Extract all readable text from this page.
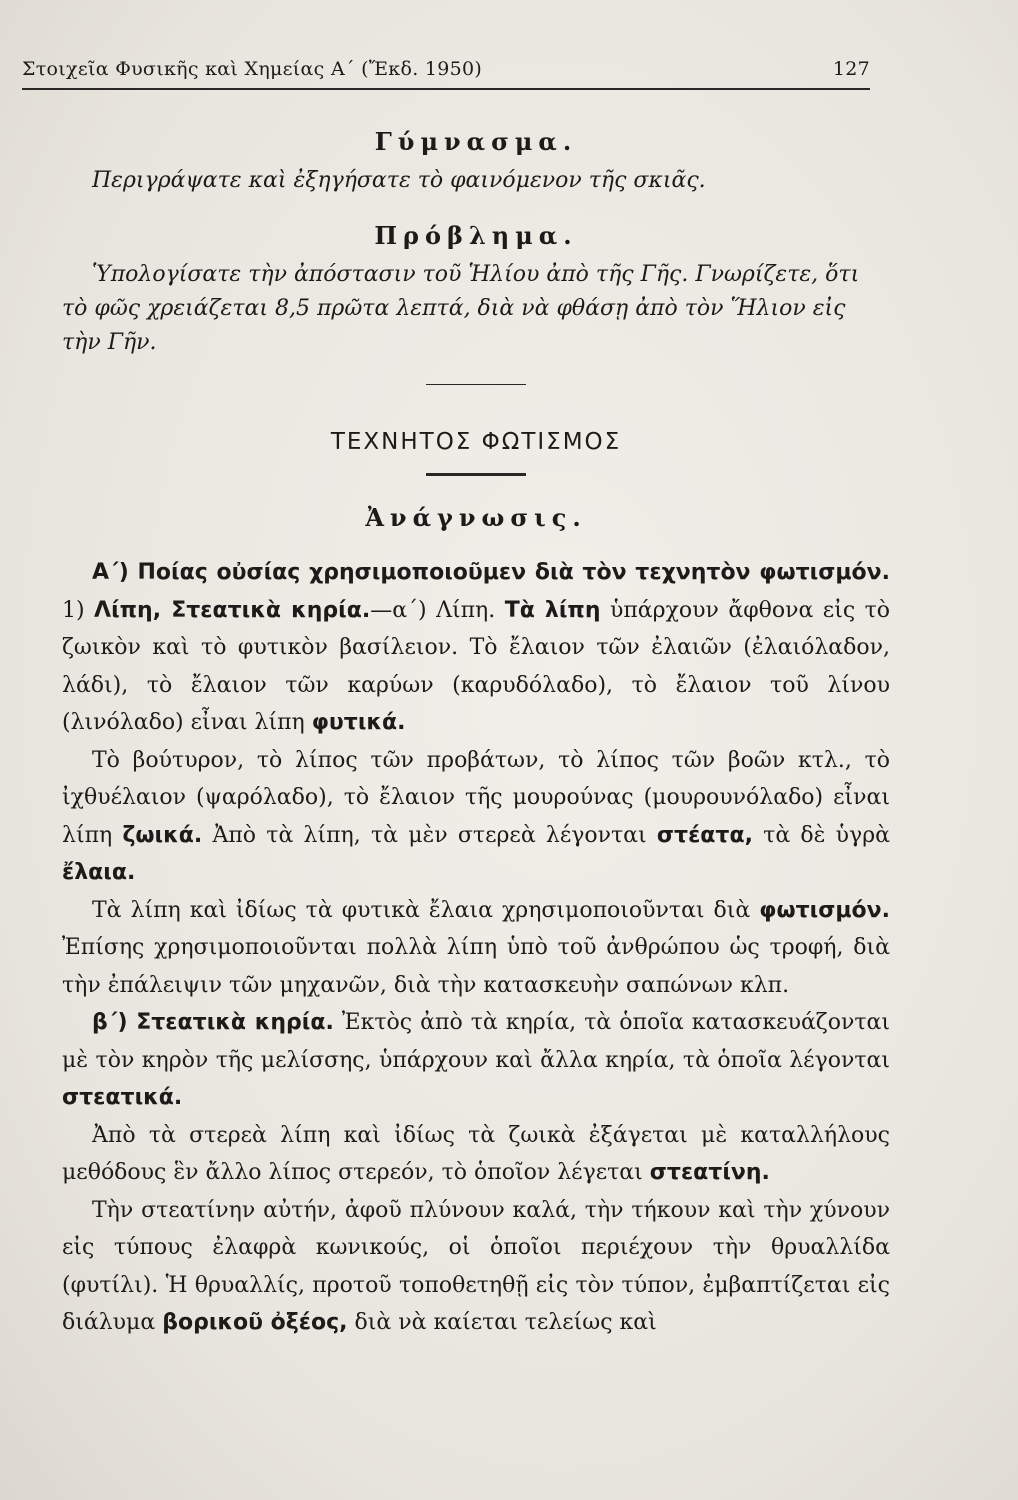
Στοιχεῖα Φυσικῆς καὶ Χημείας Α΄ (Ἔκδ. 1950)	127

Γύμνασμα.

Περιγράψατε καὶ ἐξηγήσατε τὸ φαινόμενον τῆς σκιᾶς.

Πρόβλημα.

Ὑπολογίσατε τὴν ἀπόστασιν τοῦ Ἡλίου ἀπὸ τῆς Γῆς. Γνωρίζετε, ὅτι τὸ φῶς χρειάζεται 8,5 πρῶτα λεπτά, διὰ νὰ φθάσῃ ἀπὸ τὸν Ἥλιον εἰς τὴν Γῆν.

ΤΕΧΝΗΤΟΣ ΦΩΤΙΣΜΟΣ

Ἀνάγνωσις.

Α΄) Ποίας οὐσίας χρησιμοποιοῦμεν διὰ τὸν τεχνητὸν φωτισμόν. 1) Λίπη, Στεατικὰ κηρία.—α΄) Λίπη. Τὰ λίπη ὑπάρχουν ἄφθονα εἰς τὸ ζωικὸν καὶ τὸ φυτικὸν βασίλειον. Τὸ ἔλαιον τῶν ἐλαιῶν (ἐλαιόλαδον, λάδι), τὸ ἔλαιον τῶν καρύων (καρυδόλαδο), τὸ ἔλαιον τοῦ λίνου (λινόλαδο) εἶναι λίπη φυτικά.

Τὸ βούτυρον, τὸ λίπος τῶν προβάτων, τὸ λίπος τῶν βοῶν κτλ., τὸ ἰχθυέλαιον (ψαρόλαδο), τὸ ἔλαιον τῆς μουρούνας (μουρουνόλαδο) εἶναι λίπη ζωικά. Ἀπὸ τὰ λίπη, τὰ μὲν στερεὰ λέγονται στέατα, τὰ δὲ ὑγρὰ ἔλαια.

Τὰ λίπη καὶ ἰδίως τὰ φυτικὰ ἔλαια χρησιμοποιοῦνται διὰ φωτισμόν. Ἐπίσης χρησιμοποιοῦνται πολλὰ λίπη ὑπὸ τοῦ ἀνθρώπου ὡς τροφή, διὰ τὴν ἐπάλειψιν τῶν μηχανῶν, διὰ τὴν κατασκευὴν σαπώνων κλπ.

β΄) Στεατικὰ κηρία. Ἐκτὸς ἀπὸ τὰ κηρία, τὰ ὁποῖα κατασκευάζονται μὲ τὸν κηρὸν τῆς μελίσσης, ὑπάρχουν καὶ ἄλλα κηρία, τὰ ὁποῖα λέγονται στεατικά.

Ἀπὸ τὰ στερεὰ λίπη καὶ ἰδίως τὰ ζωικὰ ἐξάγεται μὲ καταλλήλους μεθόδους ἓν ἄλλο λίπος στερεόν, τὸ ὁποῖον λέγεται στεατίνη.

Τὴν στεατίνην αὐτήν, ἀφοῦ πλύνουν καλά, τὴν τήκουν καὶ τὴν χύνουν εἰς τύπους ἐλαφρὰ κωνικούς, οἱ ὁποῖοι περιέχουν τὴν θρυαλλίδα (φυτίλι). Ἡ θρυαλλίς, προτοῦ τοποθετηθῇ εἰς τὸν τύπον, ἐμβαπτίζεται εἰς διάλυμα βορικοῦ ὀξέος, διὰ νὰ καίεται τελείως καὶ
